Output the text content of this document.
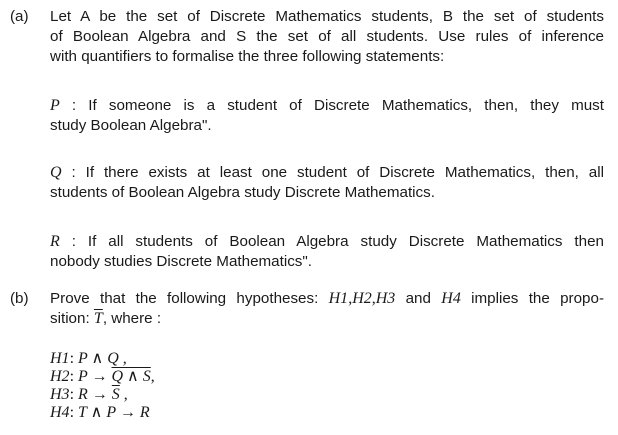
(a) Let A be the set of Discrete Mathematics students, B the set of students
of Boolean Algebra and S the set of all students. Use rules of inference
with quantifiers to formalise the three following statements:
P : If someone is a student of Discrete Mathematics, then, they must
study Boolean Algebra".
Q : If there exists at least one student of Discrete Mathematics, then, all
students of Boolean Algebra study Discrete Mathematics.
R : If all students of Boolean Algebra study Discrete Mathematics then
nobody studies Discrete Mathematics".
(b) Prove that the following hypotheses: H1,H2,H3 and H4 implies the propo-
sition: $\overline{T}$, where :
H1: P ∧ Q ,
H2: P → Q ∧ S,
H3: $R \to \overline{S}$ ,
H4: T ∧ P → R
